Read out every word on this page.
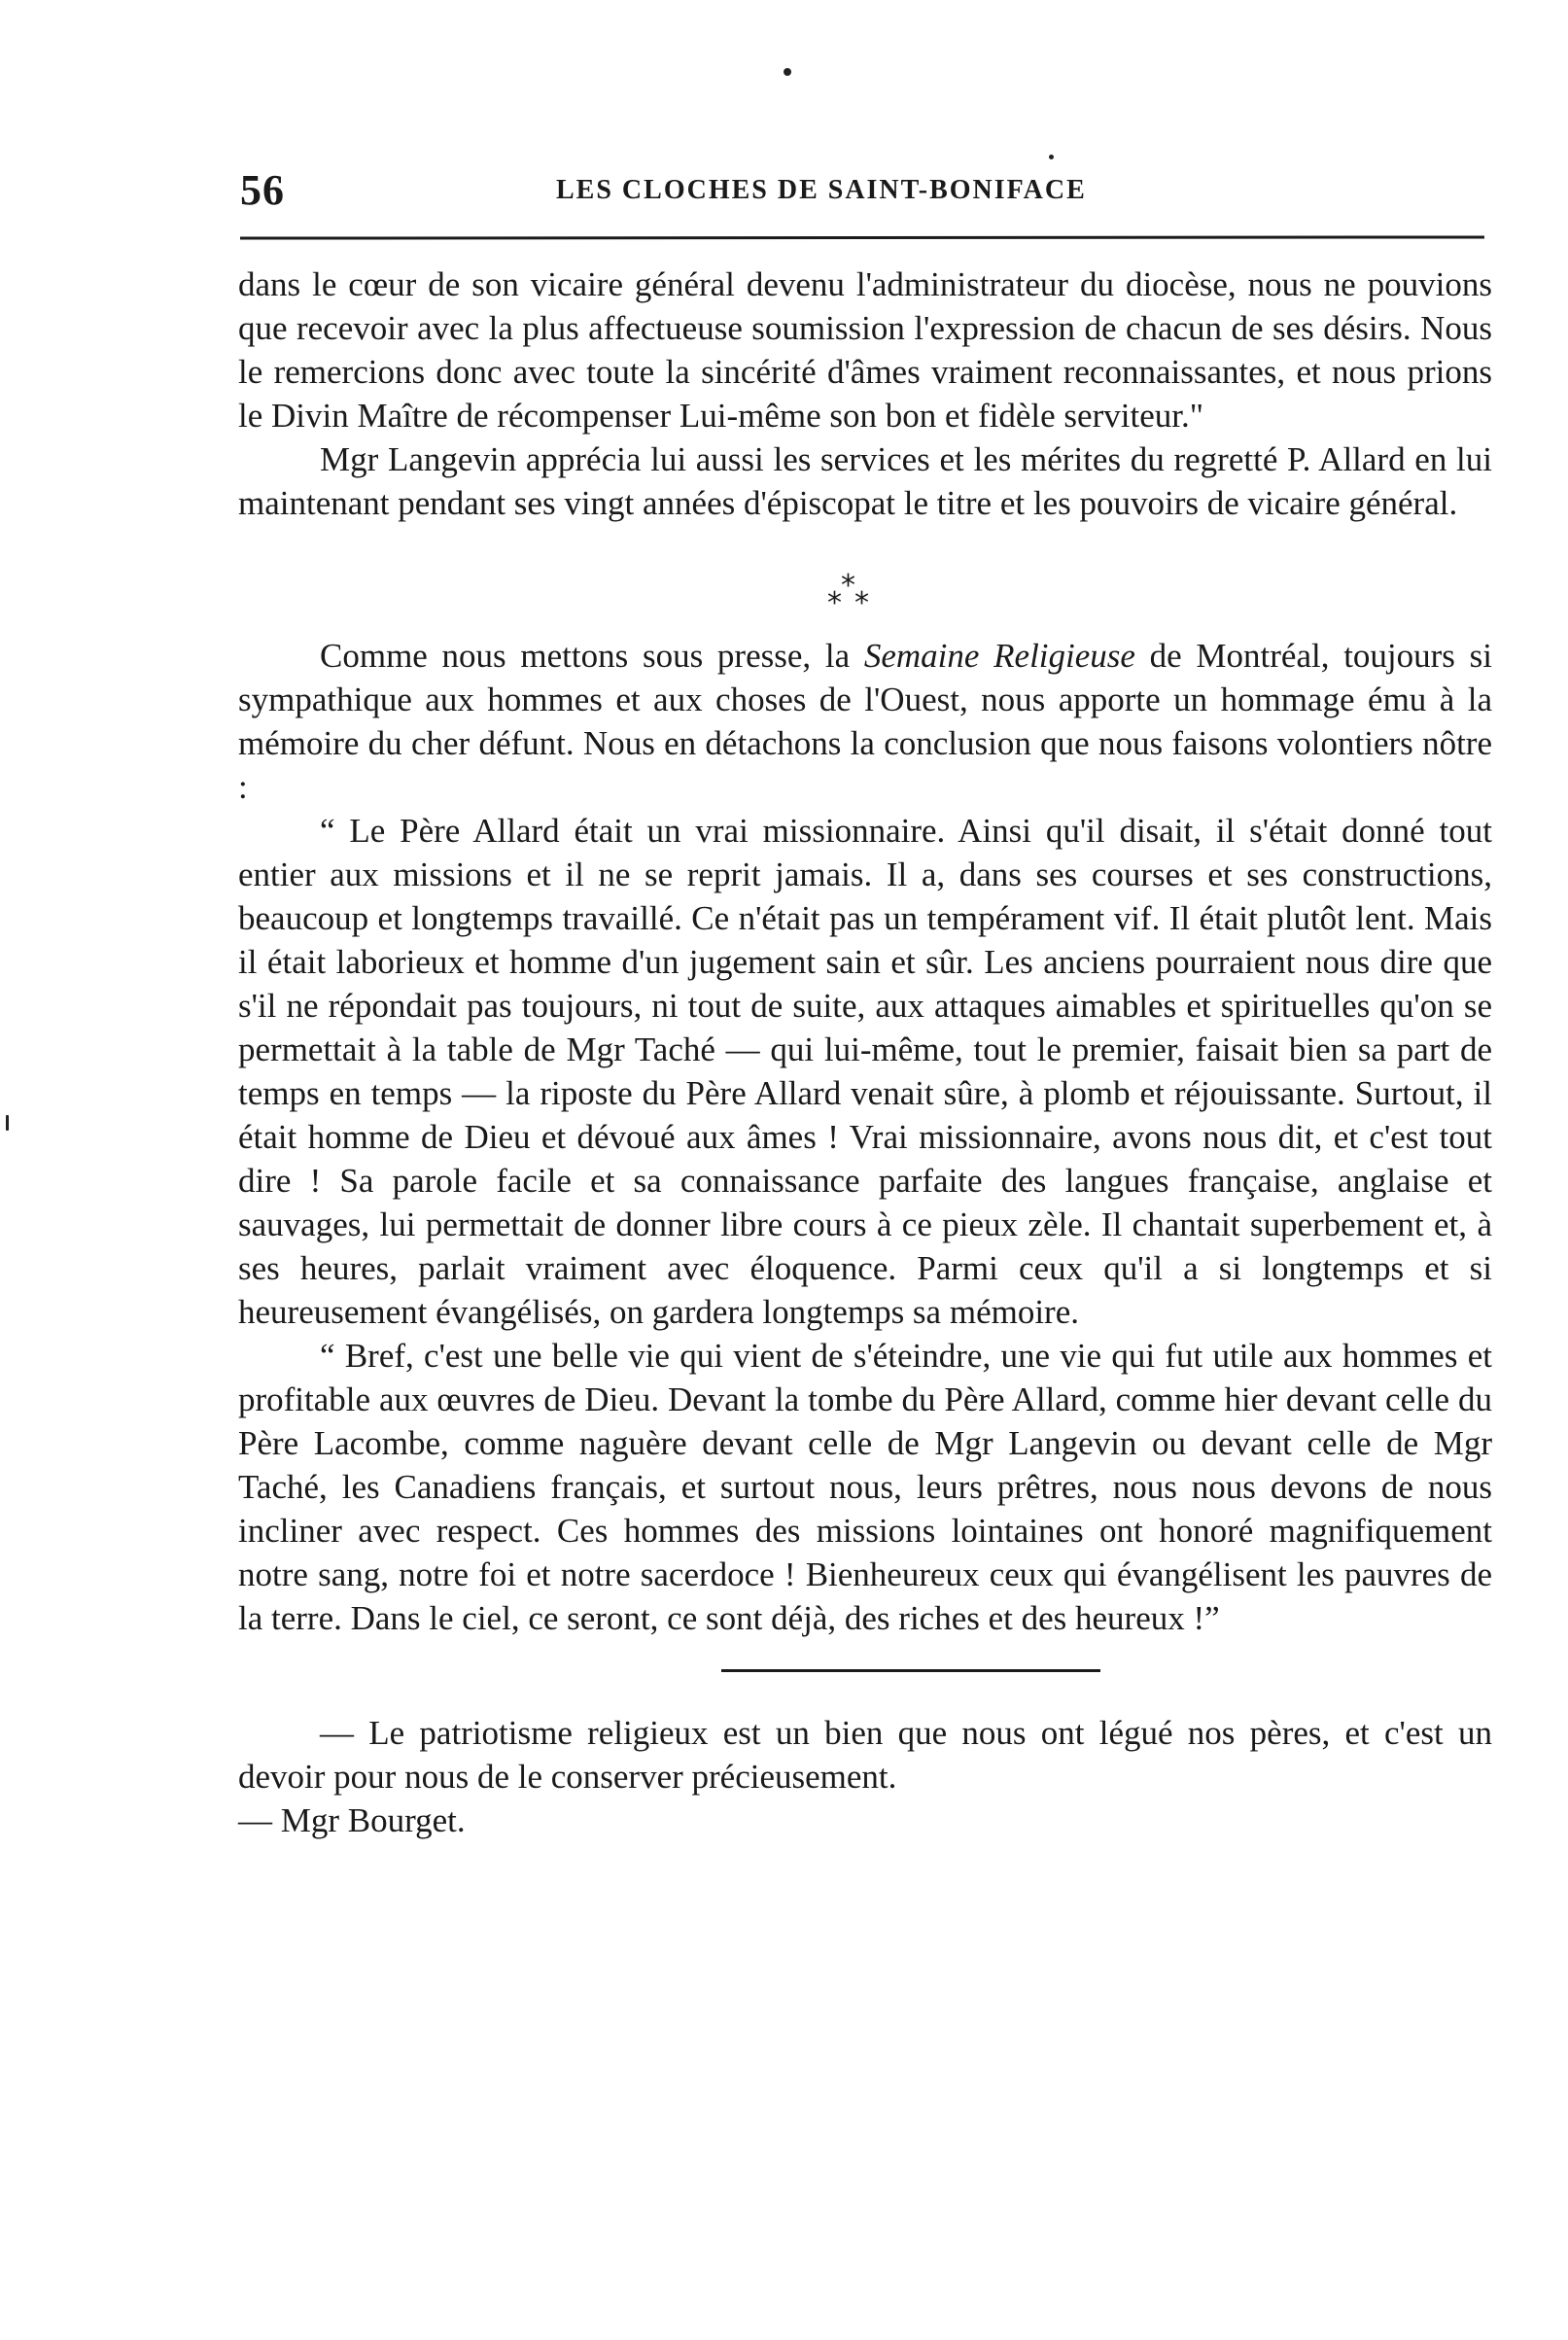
56	LES CLOCHES DE SAINT-BONIFACE

dans le cœur de son vicaire général devenu l'administrateur du diocèse, nous ne pouvions que recevoir avec la plus affectueuse soumission l'expression de chacun de ses désirs. Nous le remercions donc avec toute la sincérité d'âmes vraiment reconnaissantes, et nous prions le Divin Maître de récompenser Lui-même son bon et fidèle serviteur."

Mgr Langevin apprécia lui aussi les services et les mérites du regretté P. Allard en lui maintenant pendant ses vingt années d'épiscopat le titre et les pouvoirs de vicaire général.

*
* *

Comme nous mettons sous presse, la Semaine Religieuse de Montréal, toujours si sympathique aux hommes et aux choses de l'Ouest, nous apporte un hommage ému à la mémoire du cher défunt. Nous en détachons la conclusion que nous faisons volontiers nôtre :

“ Le Père Allard était un vrai missionnaire. Ainsi qu'il disait, il s'était donné tout entier aux missions et il ne se reprit jamais. Il a, dans ses courses et ses constructions, beaucoup et longtemps travaillé. Ce n'était pas un tempérament vif. Il était plutôt lent. Mais il était laborieux et homme d'un jugement sain et sûr. Les anciens pourraient nous dire que s'il ne répondait pas toujours, ni tout de suite, aux attaques aimables et spirituelles qu'on se permettait à la table de Mgr Taché — qui lui-même, tout le premier, faisait bien sa part de temps en temps — la riposte du Père Allard venait sûre, à plomb et réjouissante. Surtout, il était homme de Dieu et dévoué aux âmes ! Vrai missionnaire, avons nous dit, et c'est tout dire ! Sa parole facile et sa connaissance parfaite des langues française, anglaise et sauvages, lui permettait de donner libre cours à ce pieux zèle. Il chantait superbement et, à ses heures, parlait vraiment avec éloquence. Parmi ceux qu'il a si longtemps et si heureusement évangélisés, on gardera longtemps sa mémoire.

“ Bref, c'est une belle vie qui vient de s'éteindre, une vie qui fut utile aux hommes et profitable aux œuvres de Dieu. Devant la tombe du Père Allard, comme hier devant celle du Père Lacombe, comme naguère devant celle de Mgr Langevin ou devant celle de Mgr Taché, les Canadiens français, et surtout nous, leurs prêtres, nous nous devons de nous incliner avec respect. Ces hommes des missions lointaines ont honoré magnifiquement notre sang, notre foi et notre sacerdoce ! Bienheureux ceux qui évangélisent les pauvres de la terre. Dans le ciel, ce seront, ce sont déjà, des riches et des heureux !”

— Le patriotisme religieux est un bien que nous ont légué nos pères, et c'est un devoir pour nous de le conserver précieusement.

— Mgr Bourget.
